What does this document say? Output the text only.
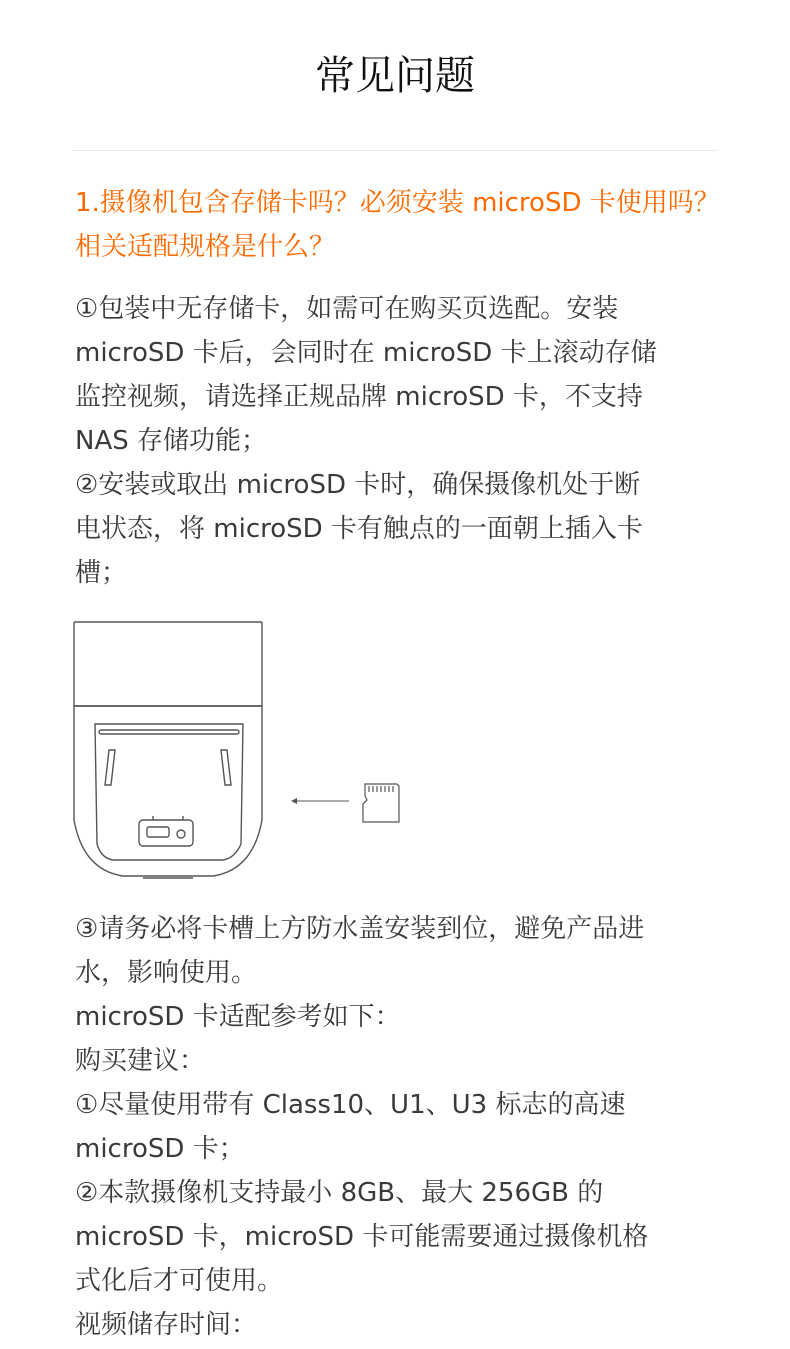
常见问题
1.摄像机包含存储卡吗？必须安装 microSD 卡使用吗？相关适配规格是什么？

①包装中无存储卡，如需可在购买页选配。安装

microSD 卡后，会同时在 microSD 卡上滚动存储

监控视频，请选择正规品牌 microSD 卡，不支持

NAS 存储功能；

②安装或取出 microSD 卡时，确保摄像机处于断

电状态，将 microSD 卡有触点的一面朝上插入卡

槽；

③请务必将卡槽上方防水盖安装到位，避免产品进

水，影响使用。

microSD 卡适配参考如下：

购买建议：

①尽量使用带有 Class10、U1、U3 标志的高速

microSD 卡；

②本款摄像机支持最小 8GB、最大 256GB 的

microSD 卡，microSD 卡可能需要通过摄像机格

式化后才可使用。

视频储存时间：
